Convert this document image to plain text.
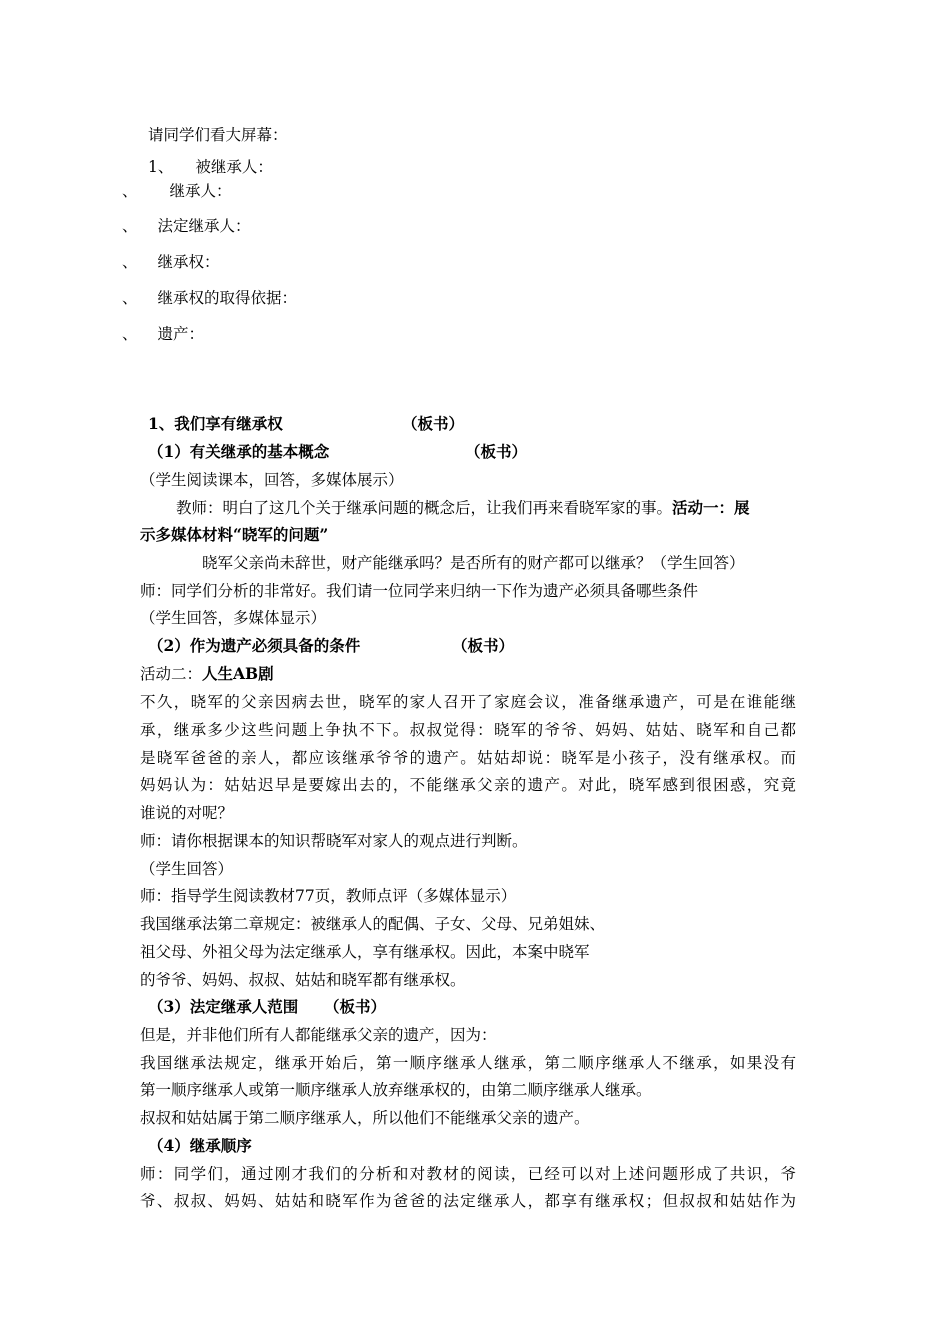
请同学们看大屏幕：
1、 被继承人：
、 继承人：
、 法定继承人：
、 继承权：
、 继承权的取得依据：
、 遗产：
1、我们享有继承权	（板书）
（1）有关继承的基本概念	（板书）
（学生阅读课本，回答，多媒体展示）
教师：明白了这几个关于继承问题的概念后，让我们再来看晓军家的事。活动一：展
示多媒体材料“晓军的问题”
晓军父亲尚未辞世，财产能继承吗？是否所有的财产都可以继承？（学生回答）
师：同学们分析的非常好。我们请一位同学来归纳一下作为遗产必须具备哪些条件
（学生回答，多媒体显示）
（2）作为遗产必须具备的条件	（板书）
活动二：人生AB剧
不久，晓军的父亲因病去世，晓军的家人召开了家庭会议，准备继承遗产，可是在谁能继
承，继承多少这些问题上争执不下。叔叔觉得：晓军的爷爷、妈妈、姑姑、晓军和自己都
是晓军爸爸的亲人，都应该继承爷爷的遗产。姑姑却说：晓军是小孩子，没有继承权。而
妈妈认为：姑姑迟早是要嫁出去的，不能继承父亲的遗产。对此，晓军感到很困惑，究竟
谁说的对呢？
师：请你根据课本的知识帮晓军对家人的观点进行判断。
（学生回答）
师：指导学生阅读教材77页，教师点评（多媒体显示）
我国继承法第二章规定：被继承人的配偶、子女、父母、兄弟姐妹、
祖父母、外祖父母为法定继承人，享有继承权。因此，本案中晓军
的爷爷、妈妈、叔叔、姑姑和晓军都有继承权。
（3）法定继承人范围 （板书）
但是，并非他们所有人都能继承父亲的遗产，因为：
我国继承法规定，继承开始后，第一顺序继承人继承，第二顺序继承人不继承，如果没有
第一顺序继承人或第一顺序继承人放弃继承权的，由第二顺序继承人继承。
叔叔和姑姑属于第二顺序继承人，所以他们不能继承父亲的遗产。
（4）继承顺序
师：同学们，通过刚才我们的分析和对教材的阅读，已经可以对上述问题形成了共识，爷
爷、叔叔、妈妈、姑姑和晓军作为爸爸的法定继承人，都享有继承权；但叔叔和姑姑作为
